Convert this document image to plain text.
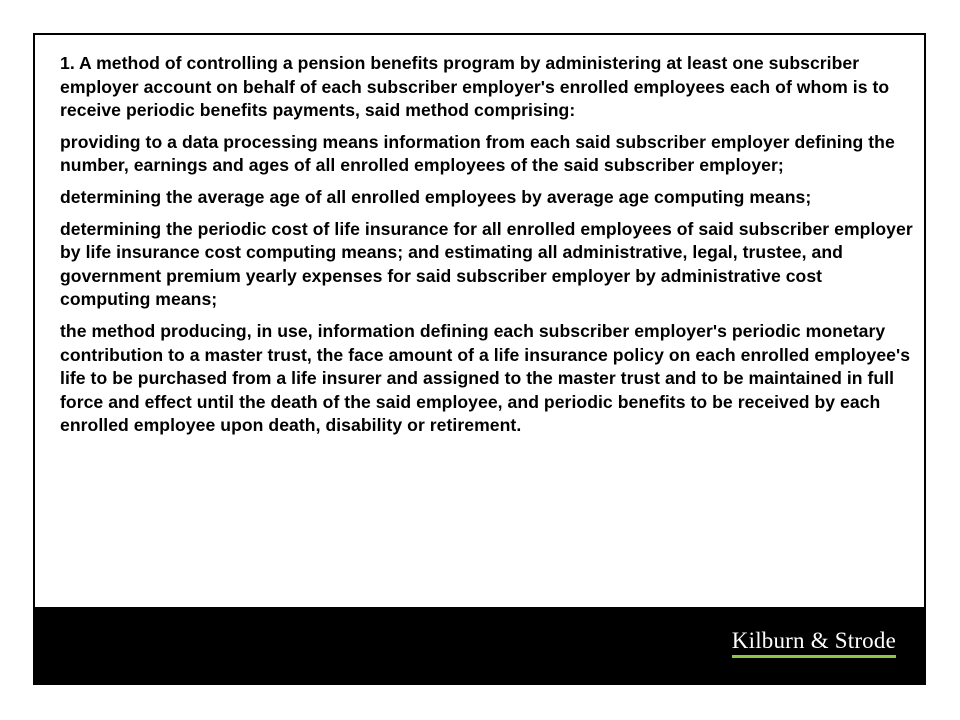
1. A method of controlling a pension benefits program by administering at least one subscriber employer account on behalf of each subscriber employer's enrolled employees each of whom is to receive periodic benefits payments, said method comprising:

providing to a data processing means information from each said subscriber employer defining the number, earnings and ages of all enrolled employees of the said subscriber employer;

determining the average age of all enrolled employees by average age computing means;

determining the periodic cost of life insurance for all enrolled employees of said subscriber employer by life insurance cost computing means; and estimating all administrative, legal, trustee, and government premium yearly expenses for said subscriber employer by administrative cost computing means;

the method producing, in use, information defining each subscriber employer's periodic monetary contribution to a master trust, the face amount of a life insurance policy on each enrolled employee's life to be purchased from a life insurer and assigned to the master trust and to be maintained in full force and effect until the death of the said employee, and periodic benefits to be received by each enrolled employee upon death, disability or retirement.

Kilburn & Strode
